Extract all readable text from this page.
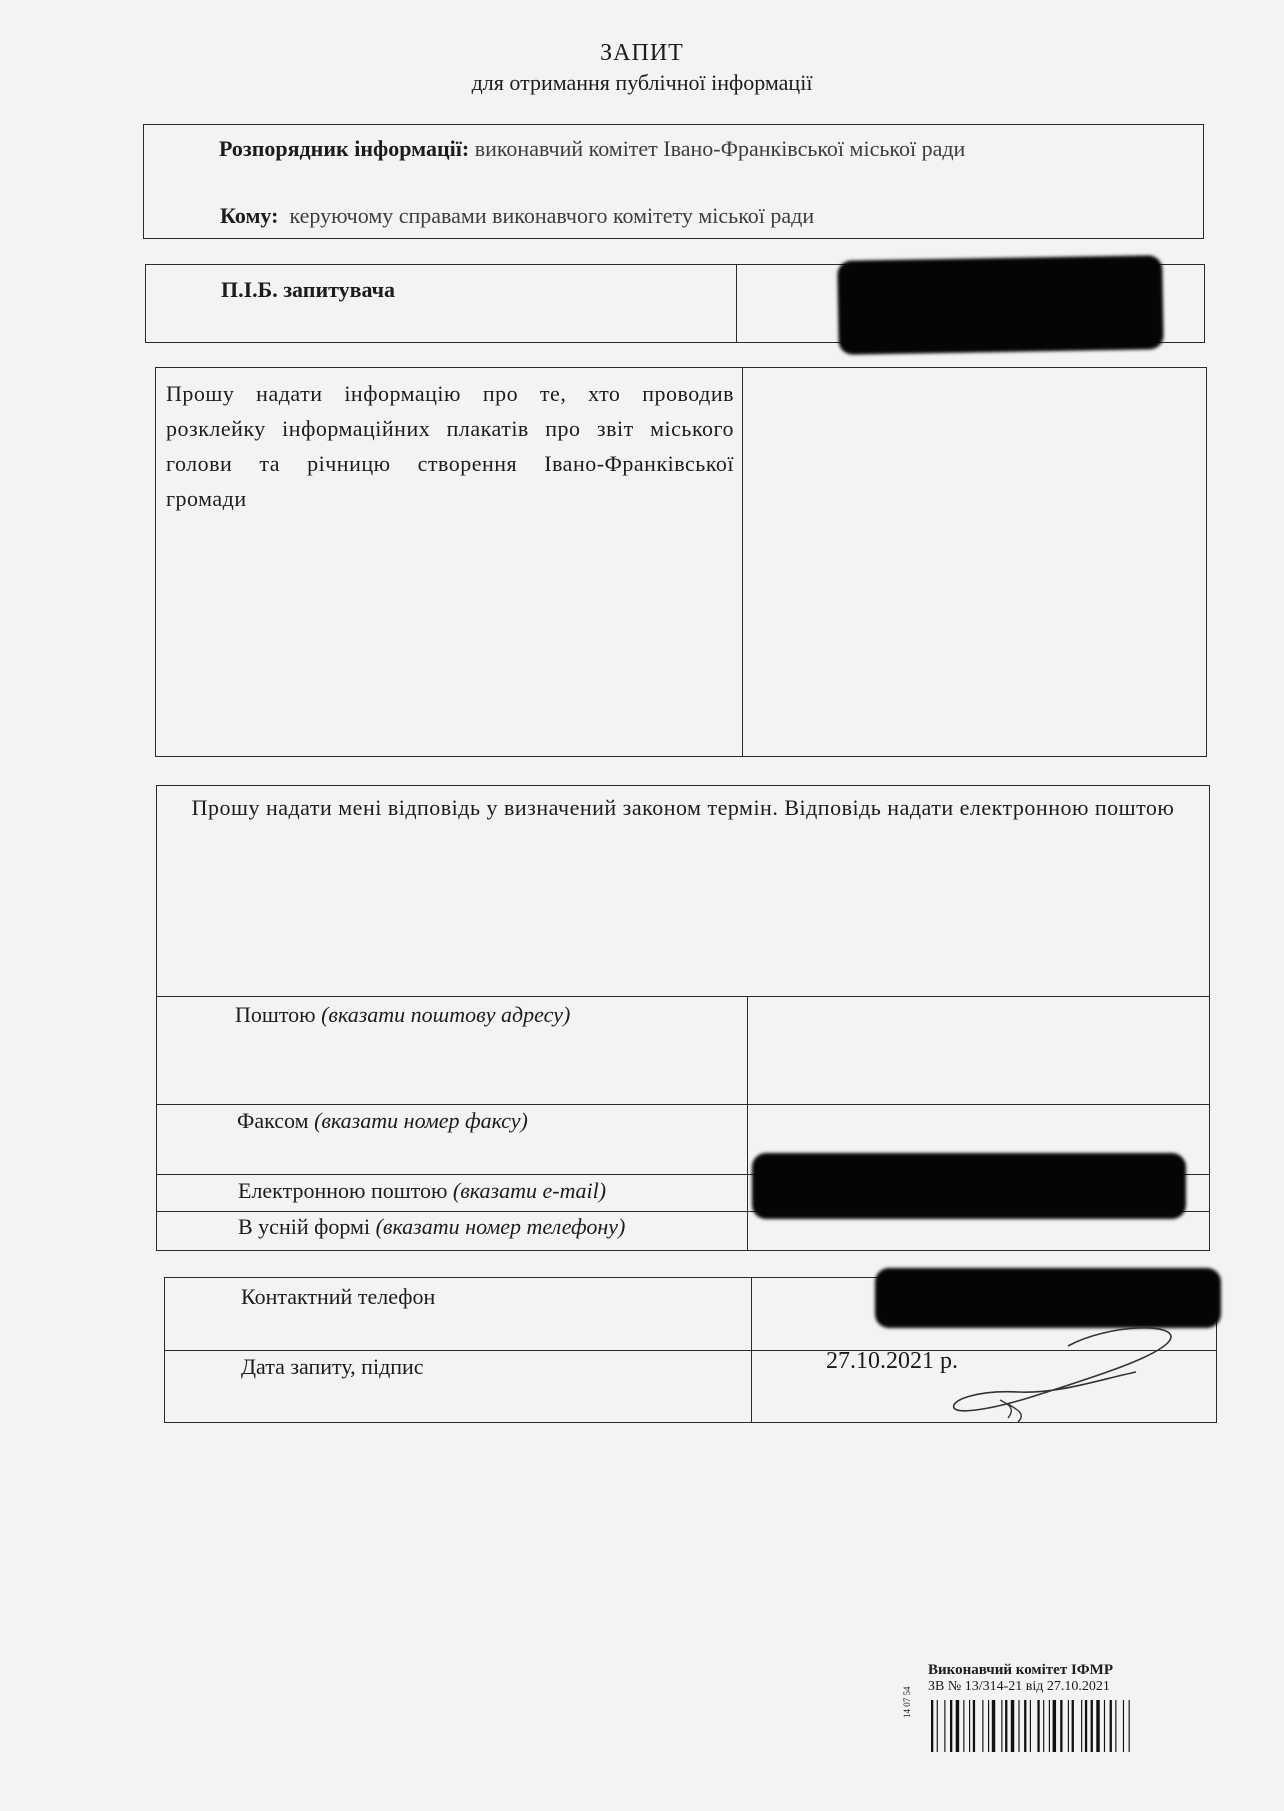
ЗАПИТ
для отримання публічної інформації
Розпорядник інформації: виконавчий комітет Івано-Франківської міської ради
Кому: керуючому справами виконавчого комітету міської ради
П.І.Б. запитувача
Прошу надати інформацію про те, хто проводив розклейку інформаційних плакатів про звіт міського голови та річницю створення Івано-Франківської громади
Прошу надати мені відповідь у визначений законом термін. Відповідь надати електронною поштою
Поштою (вказати поштову адресу)
Факсом (вказати номер факсу)
Електронною поштою (вказати e-mail)
В усній формі (вказати номер телефону)
Контактний телефон
Дата запиту, підпис	27.10.2021 р.
Виконавчий комітет ІФМР
ЗВ № 13/314-21 від 27.10.2021
14 07 54
